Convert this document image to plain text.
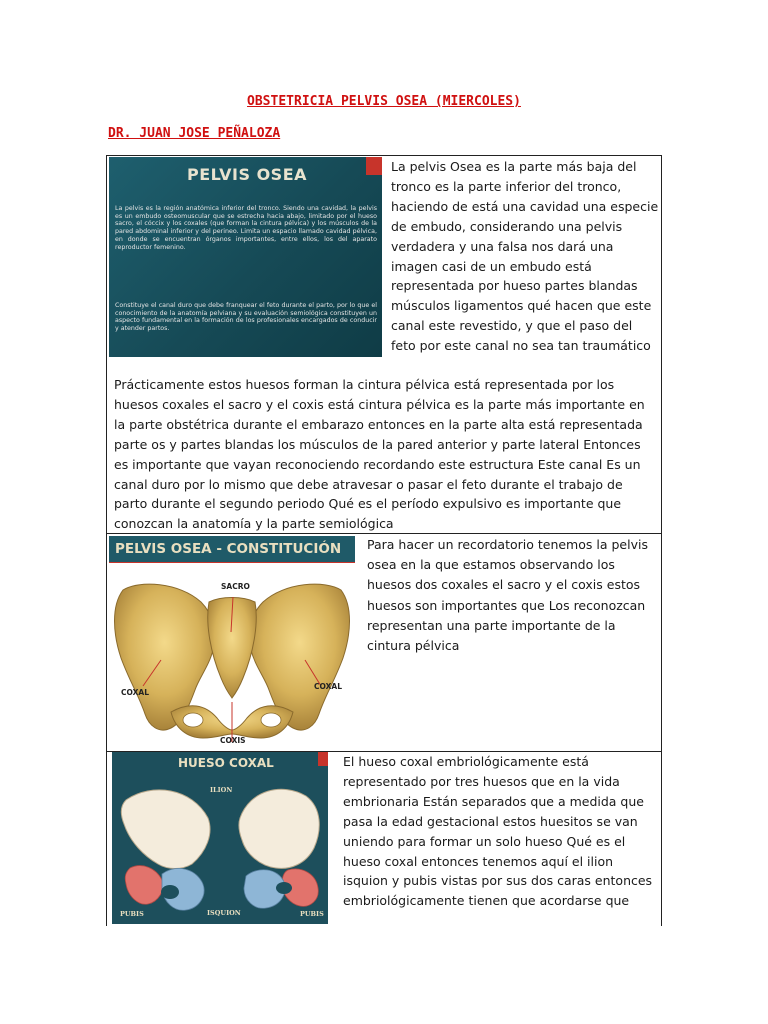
OBSTETRICIA PELVIS OSEA (MIERCOLES)
DR. JUAN JOSE PEÑALOZA
PELVIS OSEA
La pelvis es la región anatómica inferior del tronco. Siendo una cavidad, la pelvis es un embudo osteomuscular que se estrecha hacia abajo, limitado por el hueso sacro, el cóccix y los coxales (que forman la cintura pélvica) y los músculos de la pared abdominal inferior y del perineo. Limita un espacio llamado cavidad pélvica, en donde se encuentran órganos importantes, entre ellos, los del aparato reproductor femenino.
Constituye el canal duro que debe franquear el feto durante el parto, por lo que el conocimiento de la anatomía pelviana y su evaluación semiológica constituyen un aspecto fundamental en la formación de los profesionales encargados de conducir y atender partos.
La pelvis Osea es la parte más baja del tronco es la parte inferior del tronco, haciendo de está una cavidad una especie de embudo, considerando una pelvis verdadera y una falsa nos dará una imagen casi de un embudo está representada por hueso partes blandas músculos ligamentos qué hacen que este canal este revestido, y que el paso del feto por este canal no sea tan traumático
Prácticamente estos huesos forman la cintura pélvica está representada por los huesos coxales el sacro y el coxis está cintura pélvica es la parte más importante en la parte obstétrica durante el embarazo entonces en la parte alta está representada parte os y partes blandas los músculos de la pared anterior y parte lateral Entonces es importante que vayan reconociendo recordando este estructura Este canal Es un canal duro por lo mismo que debe atravesar o pasar el feto durante el trabajo de parto durante el segundo periodo Qué es el período expulsivo es importante que conozcan la anatomía y la parte semiológica
PELVIS OSEA - CONSTITUCIÓN
SACRO
COXAL
COXAL
COXIS
Para hacer un recordatorio tenemos la pelvis osea en la que estamos observando los huesos dos coxales el sacro y el coxis estos huesos son importantes que Los reconozcan representan una parte importante de la cintura pélvica
HUESO COXAL
ILION
PUBIS	ISQUION	PUBIS
El hueso coxal embriológicamente está representado por tres huesos que en la vida embrionaria Están separados que a medida que pasa la edad gestacional estos huesitos se van uniendo para formar un solo hueso Qué es el hueso coxal entonces tenemos aquí el ilion isquion y pubis vistas por sus dos caras entonces embriológicamente tienen que acordarse que
